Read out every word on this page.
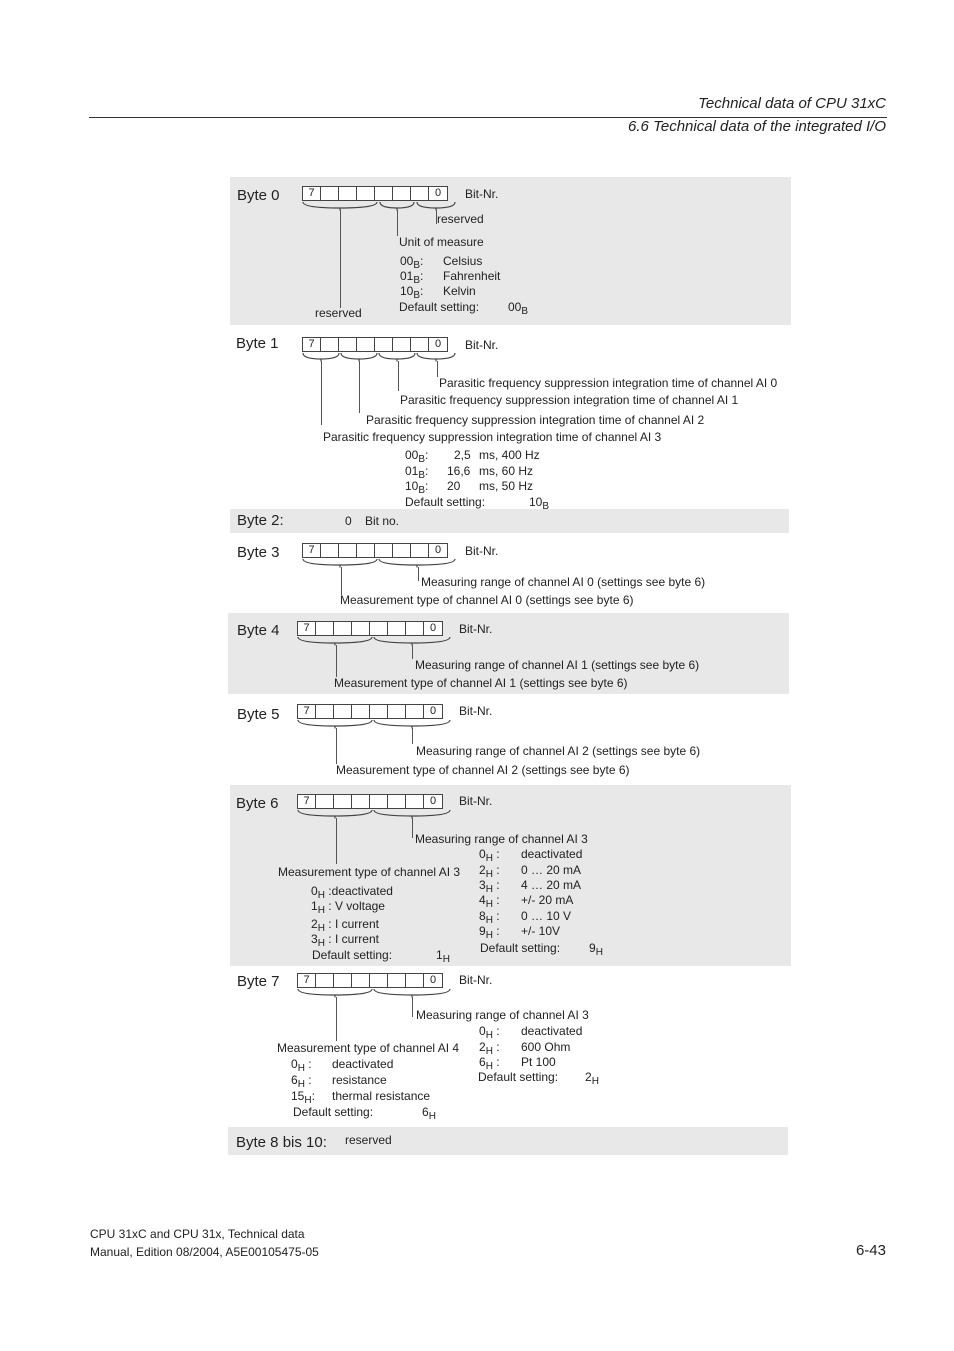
Technical data of CPU 31xC
6.6 Technical data of the integrated I/O
Byte 0	7	0	Bit-Nr.
reserved
Unit of measure
$00_B$: Celsius
$01_B$: Fahrenheit
$10_B$: Kelvin
Default setting: $00_B$
reserved
Byte 1	7	0	Bit-Nr.
Parasitic frequency suppression integration time of channel AI 0
Parasitic frequency suppression integration time of channel AI 1
Parasitic frequency suppression integration time of channel AI 2
Parasitic frequency suppression integration time of channel AI 3
$00_B$: 2,5 ms, 400 Hz
$01_B$: 16,6 ms, 60 Hz
$10_B$: 20 ms, 50 Hz
Default setting:	$10_B$
Byte 2:	0 Bit no.
Byte 3	7	0	Bit-Nr.
Measuring range of channel AI 0 (settings see byte 6)
Measurement type of channel AI 0 (settings see byte 6)
Byte 4	7	0	Bit-Nr.
Measuring range of channel AI 1 (settings see byte 6)
Measurement type of channel AI 1 (settings see byte 6)
Byte 5	7	0	Bit-Nr.
Measuring range of channel AI 2 (settings see byte 6)
Measurement type of channel AI 2 (settings see byte 6)
Byte 6	7	0	Bit-Nr.
Measuring range of channel AI 3
$0_H$ : deactivated
$2_H$ : 0 … 20 mA
$3_H$ : 4 … 20 mA
$4_H$ : +/- 20 mA
$8_H$ : 0 … 10 V
$9_H$ : +/- 10V
Default setting: $9_H$
Measurement type of channel AI 3
$0_H$ :deactivated
$1_H$ : V voltage
$2_H$ : I current
$3_H$ : I current
Default setting:	$1_H$
Byte 7	7	0	Bit-Nr.
Measuring range of channel AI 3
$0_H$ : deactivated
$2_H$ : 600 Ohm
$6_H$ : Pt 100
Default setting: $2_H$
Measurement type of channel AI 4
$0_H$ : deactivated
$6_H$ : resistance
$15_H$: thermal resistance
Default setting:	$6_H$
Byte 8 bis 10: reserved
CPU 31xC and CPU 31x, Technical data
Manual, Edition 08/2004, A5E00105475-05	6-43
